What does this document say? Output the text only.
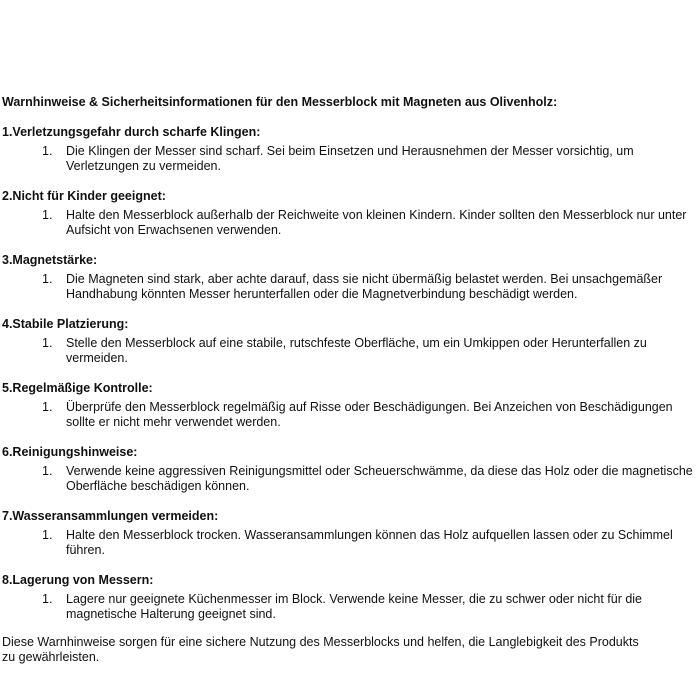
Warnhinweise & Sicherheitsinformationen für den Messerblock mit Magneten aus Olivenholz:
1.Verletzungsgefahr durch scharfe Klingen:
1. Die Klingen der Messer sind scharf. Sei beim Einsetzen und Herausnehmen der Messer vorsichtig, um Verletzungen zu vermeiden.
2.Nicht für Kinder geeignet:
1. Halte den Messerblock außerhalb der Reichweite von kleinen Kindern. Kinder sollten den Messerblock nur unter Aufsicht von Erwachsenen verwenden.
3.Magnetstärke:
1. Die Magneten sind stark, aber achte darauf, dass sie nicht übermäßig belastet werden. Bei unsachgemäßer Handhabung könnten Messer herunterfallen oder die Magnetverbindung beschädigt werden.
4.Stabile Platzierung:
1. Stelle den Messerblock auf eine stabile, rutschfeste Oberfläche, um ein Umkippen oder Herunterfallen zu vermeiden.
5.Regelmäßige Kontrolle:
1. Überprüfe den Messerblock regelmäßig auf Risse oder Beschädigungen. Bei Anzeichen von Beschädigungen sollte er nicht mehr verwendet werden.
6.Reinigungshinweise:
1. Verwende keine aggressiven Reinigungsmittel oder Scheuerschwämme, da diese das Holz oder die magnetische Oberfläche beschädigen können.
7.Wasseransammlungen vermeiden:
1. Halte den Messerblock trocken. Wasseransammlungen können das Holz aufquellen lassen oder zu Schimmel führen.
8.Lagerung von Messern:
1. Lagere nur geeignete Küchenmesser im Block. Verwende keine Messer, die zu schwer oder nicht für die magnetische Halterung geeignet sind.
Diese Warnhinweise sorgen für eine sichere Nutzung des Messerblocks und helfen, die Langlebigkeit des Produkts zu gewährleisten.
